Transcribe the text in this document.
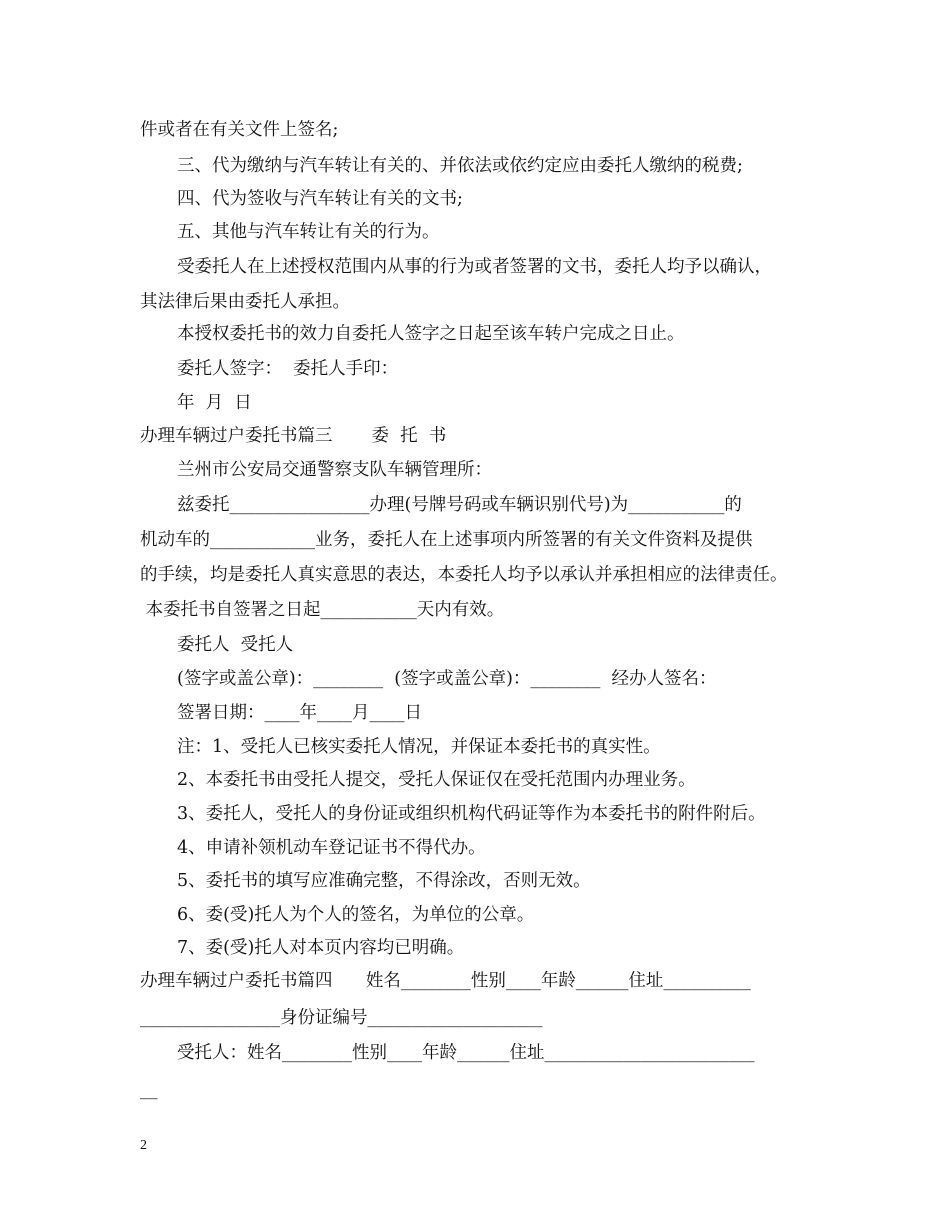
件或者在有关文件上签名;
三、代为缴纳与汽车转让有关的、并依法或依约定应由委托人缴纳的税费;
四、代为签收与汽车转让有关的文书;
五、其他与汽车转让有关的行为。
受委托人在上述授权范围内从事的行为或者签署的文书，委托人均予以确认，
其法律后果由委托人承担。
本授权委托书的效力自委托人签字之日起至该车转户完成之日止。
委托人签字：  委托人手印：
年  月  日
办理车辆过户委托书篇三       委  托  书
兰州市公安局交通警察支队车辆管理所：
兹委托________________办理(号牌号码或车辆识别代号)为___________的
机动车的____________业务，委托人在上述事项内所签署的有关文件资料及提供
的手续，均是委托人真实意思的表达，本委托人均予以承认并承担相应的法律责任。
本委托书自签署之日起___________天内有效。
委托人  受托人
(签字或盖公章)：________  (签字或盖公章)：________  经办人签名：
签署日期：____年____月____日
注：1、受托人已核实委托人情况，并保证本委托书的真实性。
2、本委托书由受托人提交，受托人保证仅在受托范围内办理业务。
3、委托人，受托人的身份证或组织机构代码证等作为本委托书的附件附后。
4、申请补领机动车登记证书不得代办。
5、委托书的填写应准确完整，不得涂改，否则无效。
6、委(受)托人为个人的签名，为单位的公章。
7、委(受)托人对本页内容均已明确。
办理车辆过户委托书篇四      姓名________性别____年龄______住址__________
________________身份证编号____________________
受托人：姓名________性别____年龄______住址________________________
__
2
